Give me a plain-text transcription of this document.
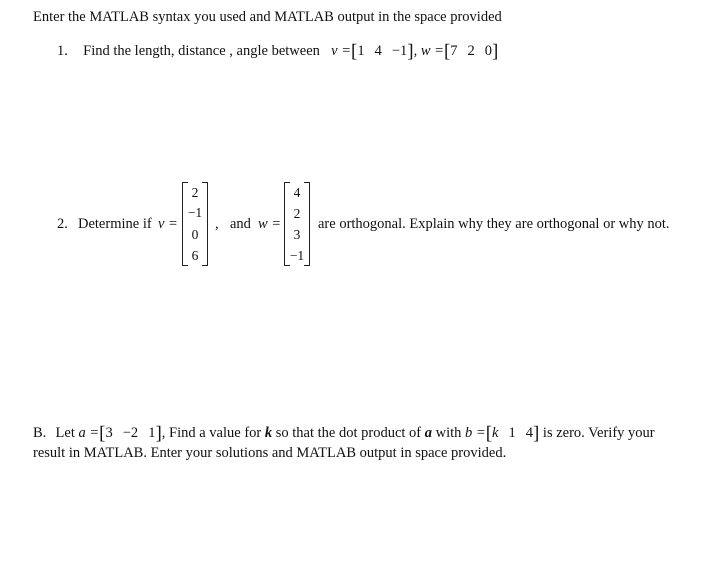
Enter the MATLAB syntax you used and MATLAB output in the space provided
1. Find the length, distance , angle between v =[1 4 −1], w =[7 2 0]
2. Determine if v =
2
−1
0
6
, and w =
4
2
3
−1
are orthogonal. Explain why they are orthogonal or why not.
B. Let a =[3 −2 1], Find a value for k so that the dot product of a with b =[k 1 4] is zero. Verify your
result in MATLAB. Enter your solutions and MATLAB output in space provided.
